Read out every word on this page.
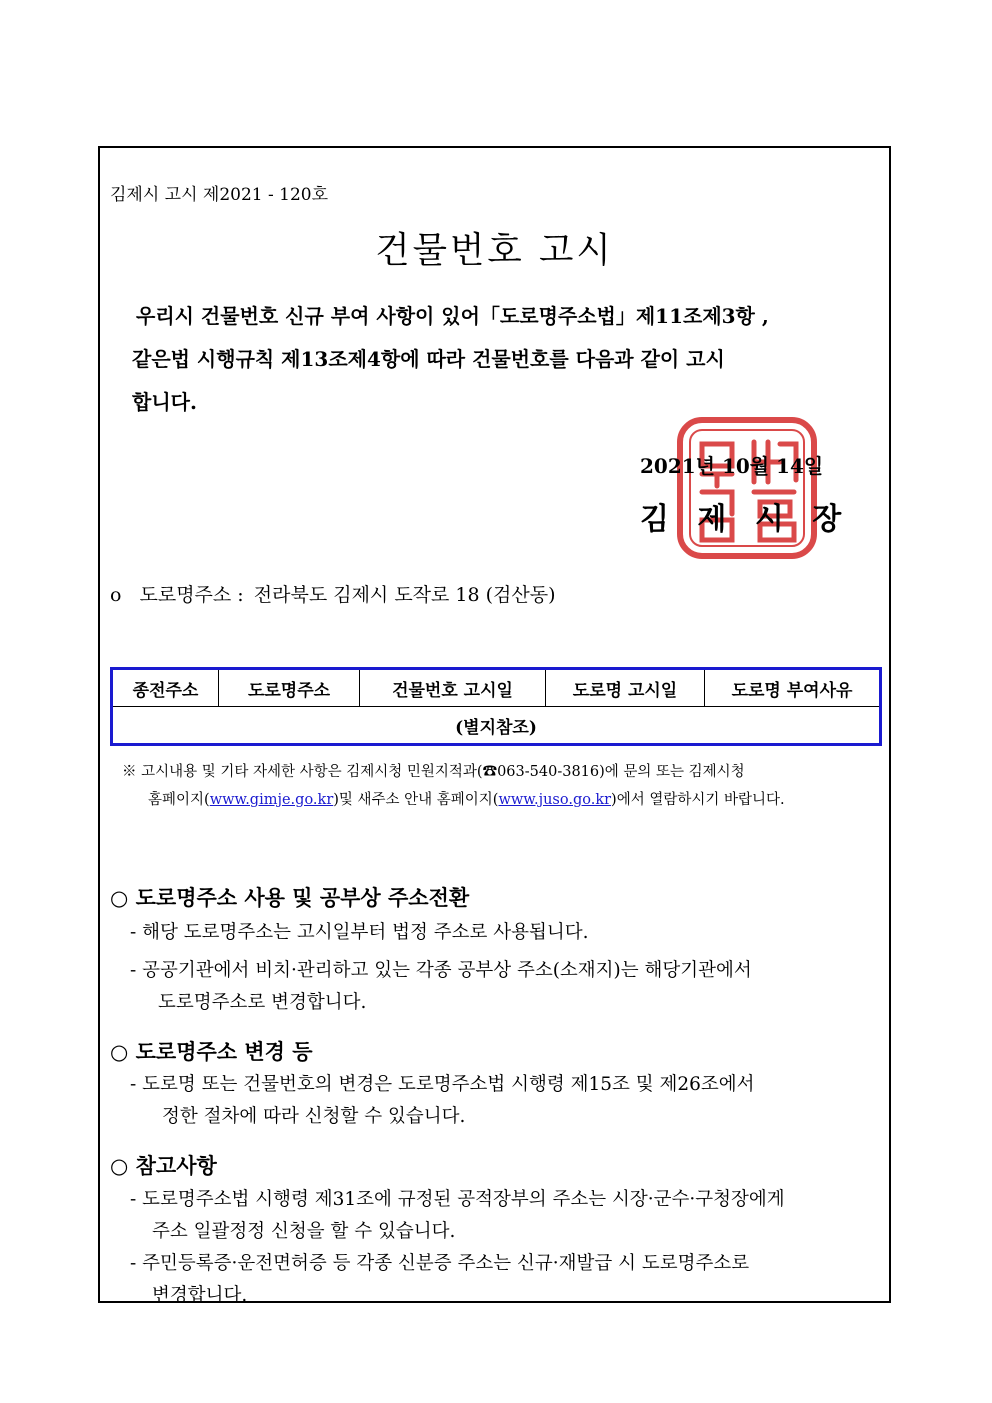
김제시 고시 제2021 - 120호
건물번호 고시
우리시 건물번호 신규 부여 사항이 있어「도로명주소법」제11조제3항 ,
같은법 시행규칙 제13조제4항에 따라 건물번호를 다음과 같이 고시
합니다.
2021년 10월 14일
김 제 시 장
o 도로명주소 : 전라북도 김제시 도작로 18 (검산동)
종전주소	도로명주소	건물번호 고시일	도로명 고시일	도로명 부여사유
(별지참조)
※ 고시내용 및 기타 자세한 사항은 김제시청 민원지적과(☎063-540-3816)에 문의 또는 김제시청
홈페이지(www.gimje.go.kr)및 새주소 안내 홈페이지(www.juso.go.kr)에서 열람하시기 바랍니다.
○ 도로명주소 사용 및 공부상 주소전환
- 해당 도로명주소는 고시일부터 법정 주소로 사용됩니다.
- 공공기관에서 비치·관리하고 있는 각종 공부상 주소(소재지)는 해당기관에서
도로명주소로 변경합니다.
○ 도로명주소 변경 등
- 도로명 또는 건물번호의 변경은 도로명주소법 시행령 제15조 및 제26조에서
정한 절차에 따라 신청할 수 있습니다.
○ 참고사항
- 도로명주소법 시행령 제31조에 규정된 공적장부의 주소는 시장·군수·구청장에게
주소 일괄정정 신청을 할 수 있습니다.
- 주민등록증·운전면허증 등 각종 신분증 주소는 신규·재발급 시 도로명주소로
변경합니다.
